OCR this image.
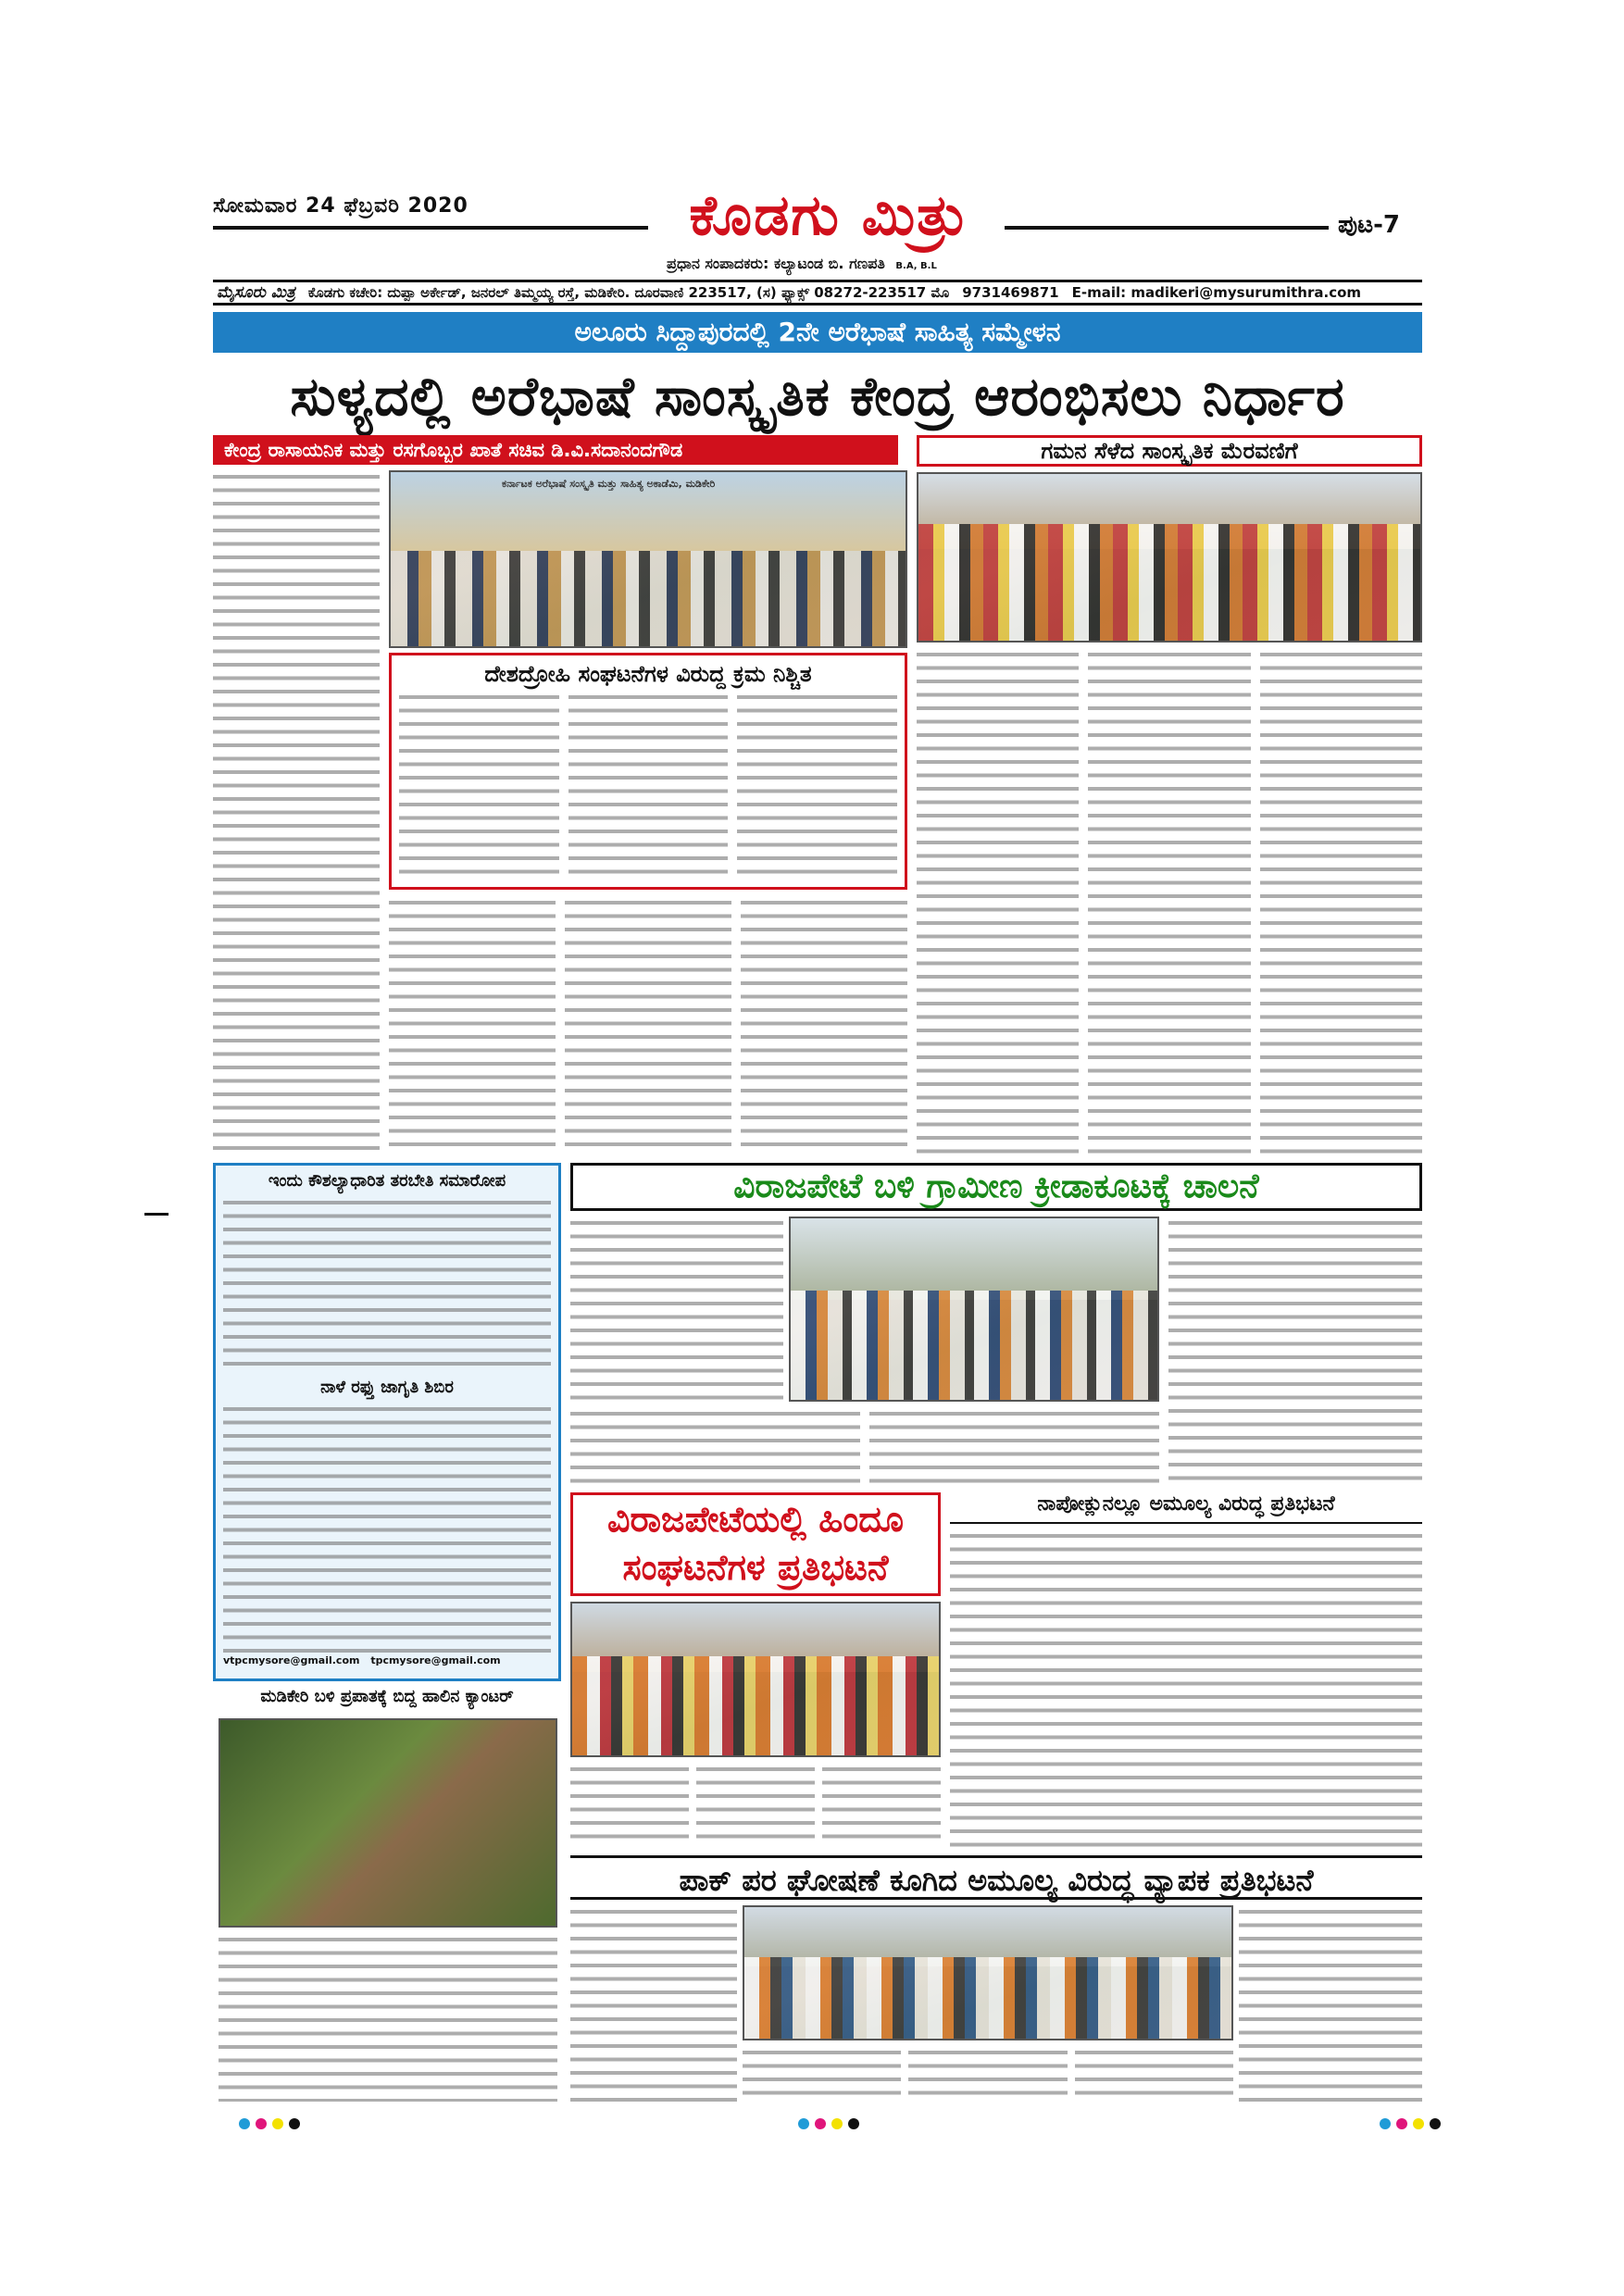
ಸೋಮವಾರ 24 ಫೆಬ್ರವರಿ 2020	ಕೊಡಗು ಮಿತ್ರು	ಪುಟ-7
ಪ್ರಧಾನ ಸಂಪಾದಕರು: ಕಲ್ಯಾಟಂಡ ಬಿ. ಗಣಪತಿ B.A, B.L
ಮೈಸೂರು ಮಿತ್ರ ಕೊಡಗು ಕಚೇರಿ: ದುಪ್ಪಾ ಅರ್ಕೇಡ್, ಜನರಲ್ ತಿಮ್ಮಯ್ಯ ರಸ್ತೆ, ಮಡಿಕೇರಿ. ದೂರವಾಣಿ 223517, (ಸ) ಫ್ಯಾಕ್ಸ್ 08272-223517 ಮೊ 9731469871 E-mail: madikeri@mysurumithra.com
ಅಲೂರು ಸಿದ್ದಾಪುರದಲ್ಲಿ 2ನೇ ಅರೆಭಾಷೆ ಸಾಹಿತ್ಯ ಸಮ್ಮೇಳನ
ಸುಳ್ಯದಲ್ಲಿ ಅರೆಭಾಷೆ ಸಾಂಸ್ಕೃತಿಕ ಕೇಂದ್ರ ಆರಂಭಿಸಲು ನಿರ್ಧಾರ
ಕೇಂದ್ರ ರಾಸಾಯನಿಕ ಮತ್ತು ರಸಗೊಬ್ಬರ ಖಾತೆ ಸಚಿವ ಡಿ.ವಿ.ಸದಾನಂದಗೌಡ
ಕರ್ನಾಟಕ ಅರೆಭಾಷೆ ಸಂಸ್ಕೃತಿ ಮತ್ತು ಸಾಹಿತ್ಯ ಅಕಾಡೆಮಿ, ಮಡಿಕೇರಿ
ದೇಶದ್ರೋಹಿ ಸಂಘಟನೆಗಳ ವಿರುದ್ದ ಕ್ರಮ ನಿಶ್ಚಿತ
ಗಮನ ಸೆಳೆದ ಸಾಂಸ್ಕೃತಿಕ ಮೆರವಣಿಗೆ
ಇಂದು ಕೌಶಲ್ಯಾಧಾರಿತ ತರಬೇತಿ ಸಮಾರೋಪ
ನಾಳೆ ರಫ್ತು ಜಾಗೃತಿ ಶಿಬಿರ
vtpcmysore@gmail.com tpcmysore@gmail.com
ಮಡಿಕೇರಿ ಬಳಿ ಪ್ರಪಾತಕ್ಕೆ ಬಿದ್ದ ಹಾಲಿನ ಕ್ಯಾಂಟರ್
ವಿರಾಜಪೇಟೆ ಬಳಿ ಗ್ರಾಮೀಣ ಕ್ರೀಡಾಕೂಟಕ್ಕೆ ಚಾಲನೆ
ವಿರಾಜಪೇಟೆಯಲ್ಲಿ ಹಿಂದೂ
ಸಂಘಟನೆಗಳ ಪ್ರತಿಭಟನೆ
ನಾಪೋಕ್ಲುನಲ್ಲೂ ಅಮೂಲ್ಯ ವಿರುದ್ಧ ಪ್ರತಿಭಟನೆ
ಪಾಕ್ ಪರ ಘೋಷಣೆ ಕೂಗಿದ ಅಮೂಲ್ಯ ವಿರುದ್ಧ ವ್ಯಾಪಕ ಪ್ರತಿಭಟನೆ
